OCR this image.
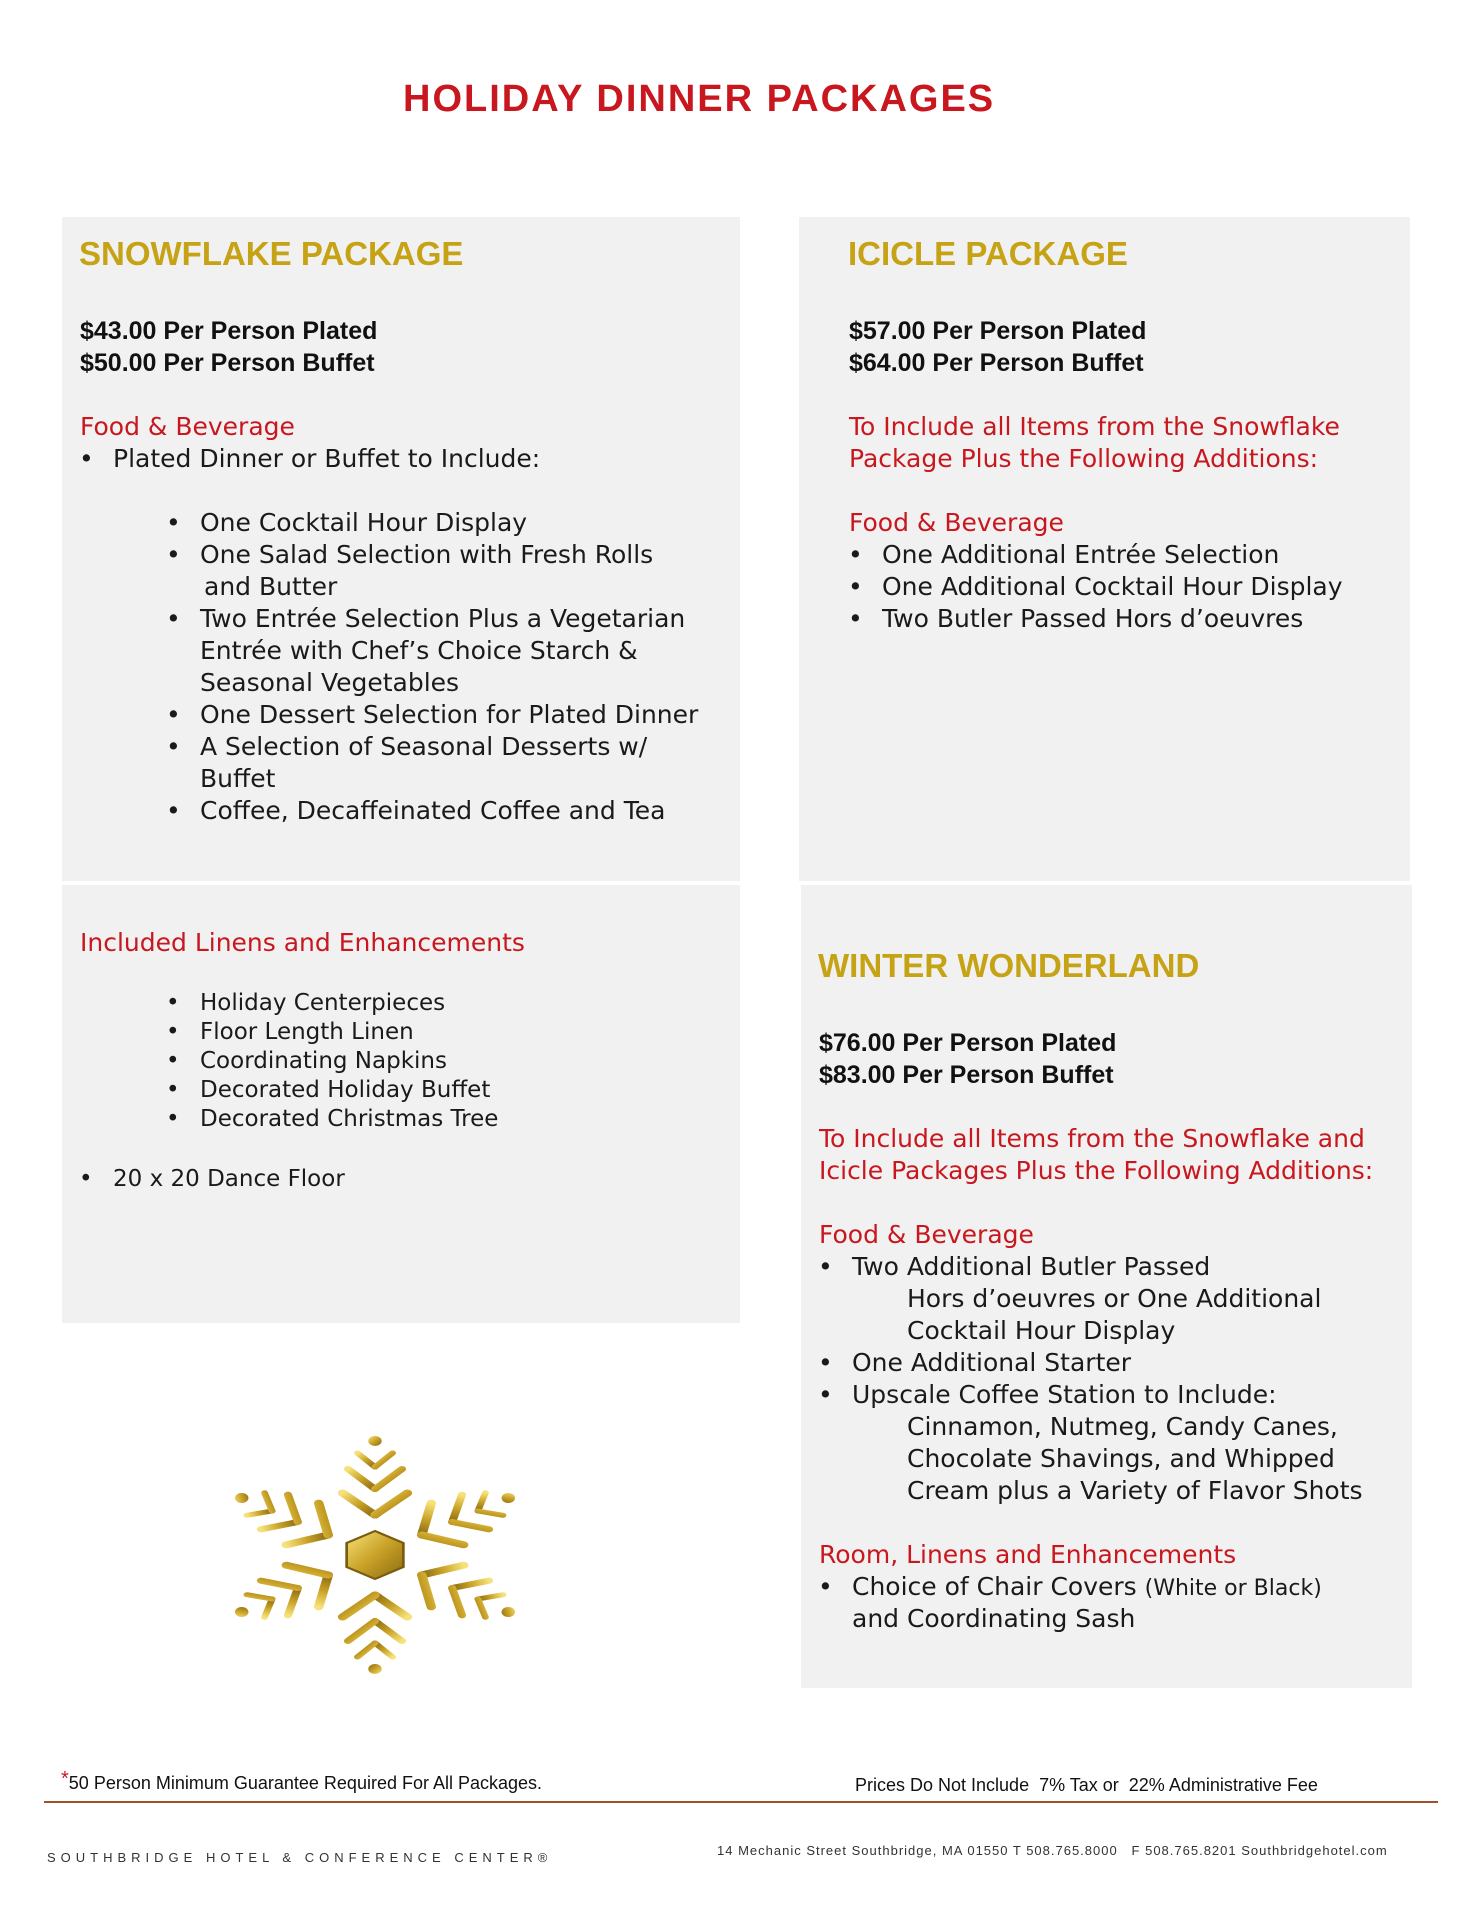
HOLIDAY DINNER PACKAGES
SNOWFLAKE PACKAGE
$43.00 Per Person Plated
$50.00 Per Person Buffet
Food & Beverage
• Plated Dinner or Buffet to Include:
• One Cocktail Hour Display
• One Salad Selection with Fresh Rolls
and Butter
• Two Entrée Selection Plus a Vegetarian
Entrée with Chef’s Choice Starch &
Seasonal Vegetables
• One Dessert Selection for Plated Dinner
• A Selection of Seasonal Desserts w/
Buffet
• Coffee, Decaffeinated Coffee and Tea
Included Linens and Enhancements
• Holiday Centerpieces
• Floor Length Linen
• Coordinating Napkins
• Decorated Holiday Buffet
• Decorated Christmas Tree
• 20 x 20 Dance Floor
ICICLE PACKAGE
$57.00 Per Person Plated
$64.00 Per Person Buffet
To Include all Items from the Snowflake
Package Plus the Following Additions:
Food & Beverage
• One Additional Entrée Selection
• One Additional Cocktail Hour Display
• Two Butler Passed Hors d’oeuvres
WINTER WONDERLAND
$76.00 Per Person Plated
$83.00 Per Person Buffet
To Include all Items from the Snowflake and
Icicle Packages Plus the Following Additions:
Food & Beverage
• Two Additional Butler Passed
Hors d’oeuvres or One Additional
Cocktail Hour Display
• One Additional Starter
• Upscale Coffee Station to Include:
Cinnamon, Nutmeg, Candy Canes,
Chocolate Shavings, and Whipped
Cream plus a Variety of Flavor Shots
Room, Linens and Enhancements
• Choice of Chair Covers (White or Black)
and Coordinating Sash
*50 Person Minimum Guarantee Required For All Packages.	Prices Do Not Include  7% Tax or  22% Administrative Fee
SOUTHBRIDGE HOTEL & CONFERENCE CENTER®	14 Mechanic Street Southbridge, MA 01550 T 508.765.8000   F 508.765.8201 Southbridgehotel.com
